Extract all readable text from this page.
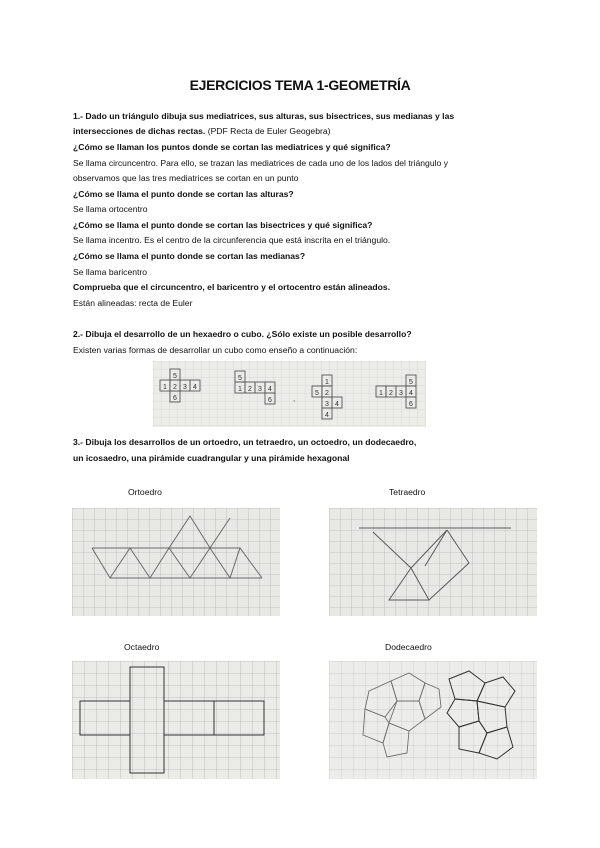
EJERCICIOS TEMA 1-GEOMETRÍA
1.- Dado un triángulo dibuja sus mediatrices, sus alturas, sus bisectrices, sus medianas y las
intersecciones de dichas rectas. (PDF Recta de Euler Geogebra)
¿Cómo se llaman los puntos donde se cortan las mediatrices y qué significa?
Se llama circuncentro. Para ello, se trazan las mediatrices de cada uno de los lados del triángulo y
observamos que las tres mediatrices se cortan en un punto
¿Cómo se llama el punto donde se cortan las alturas?
Se llama ortocentro
¿Cómo se llama el punto donde se cortan las bisectrices y qué significa?
Se llama incentro. Es el centro de la circunferencia que está inscrita en el triángulo.
¿Cómo se llama el punto donde se cortan las medianas?
Se llama baricentro
Comprueba que el circuncentro, el baricentro y el ortocentro están alineados.
Están alineadas: recta de Euler
2.- Dibuja el desarrollo de un hexaedro o cubo. ¿Sólo existe un posible desarrollo?
Existen varias formas de desarrollar un cubo como enseño a continuación:
,
5
1 2 3 4
6
5
1 2 3 4
6
1
5 2
3 4
4
5
1 2 3 4
6
3.- Dibuja los desarrollos de un ortoedro, un tetraedro, un octoedro, un dodecaedro,
un icosaedro, una pirámide cuadrangular y una pirámide hexagonal
Ortoedro	Tetraedro
Octaedro	Dodecaedro
